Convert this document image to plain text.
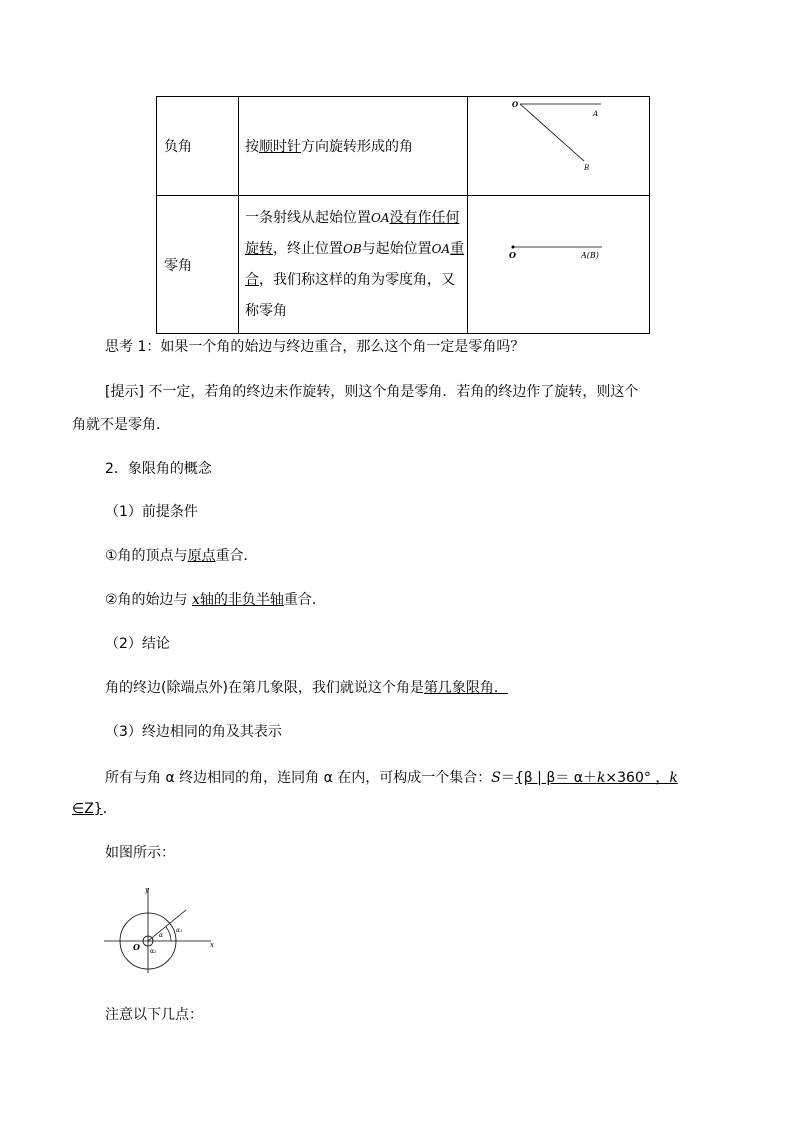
负角	按顺时针方向旋转形成的角	O
A
B

零角	一条射线从起始位置OA没有作任何旋转，终止位置OB与起始位置OA重合，我们称这样的角为零度角，又称零角	O A(B)
思考 1：如果一个角的始边与终边重合，那么这个角一定是零角吗？
[提示] 不一定，若角的终边未作旋转，则这个角是零角．若角的终边作了旋转，则这个
角就不是零角．
2．象限角的概念
（1）前提条件
①角的顶点与原点重合．
②角的始边与 x轴的非负半轴重合．
（2）结论
角的终边(除端点外)在第几象限，我们就说这个角是第几象限角．
（3）终边相同的角及其表示
所有与角 α 终边相同的角，连同角 α 在内，可构成一个集合：S＝{β | β＝ α＋k×360° ，k
∈Z}．
如图所示：
y
x
O
α₁
α
α₂
注意以下几点：
